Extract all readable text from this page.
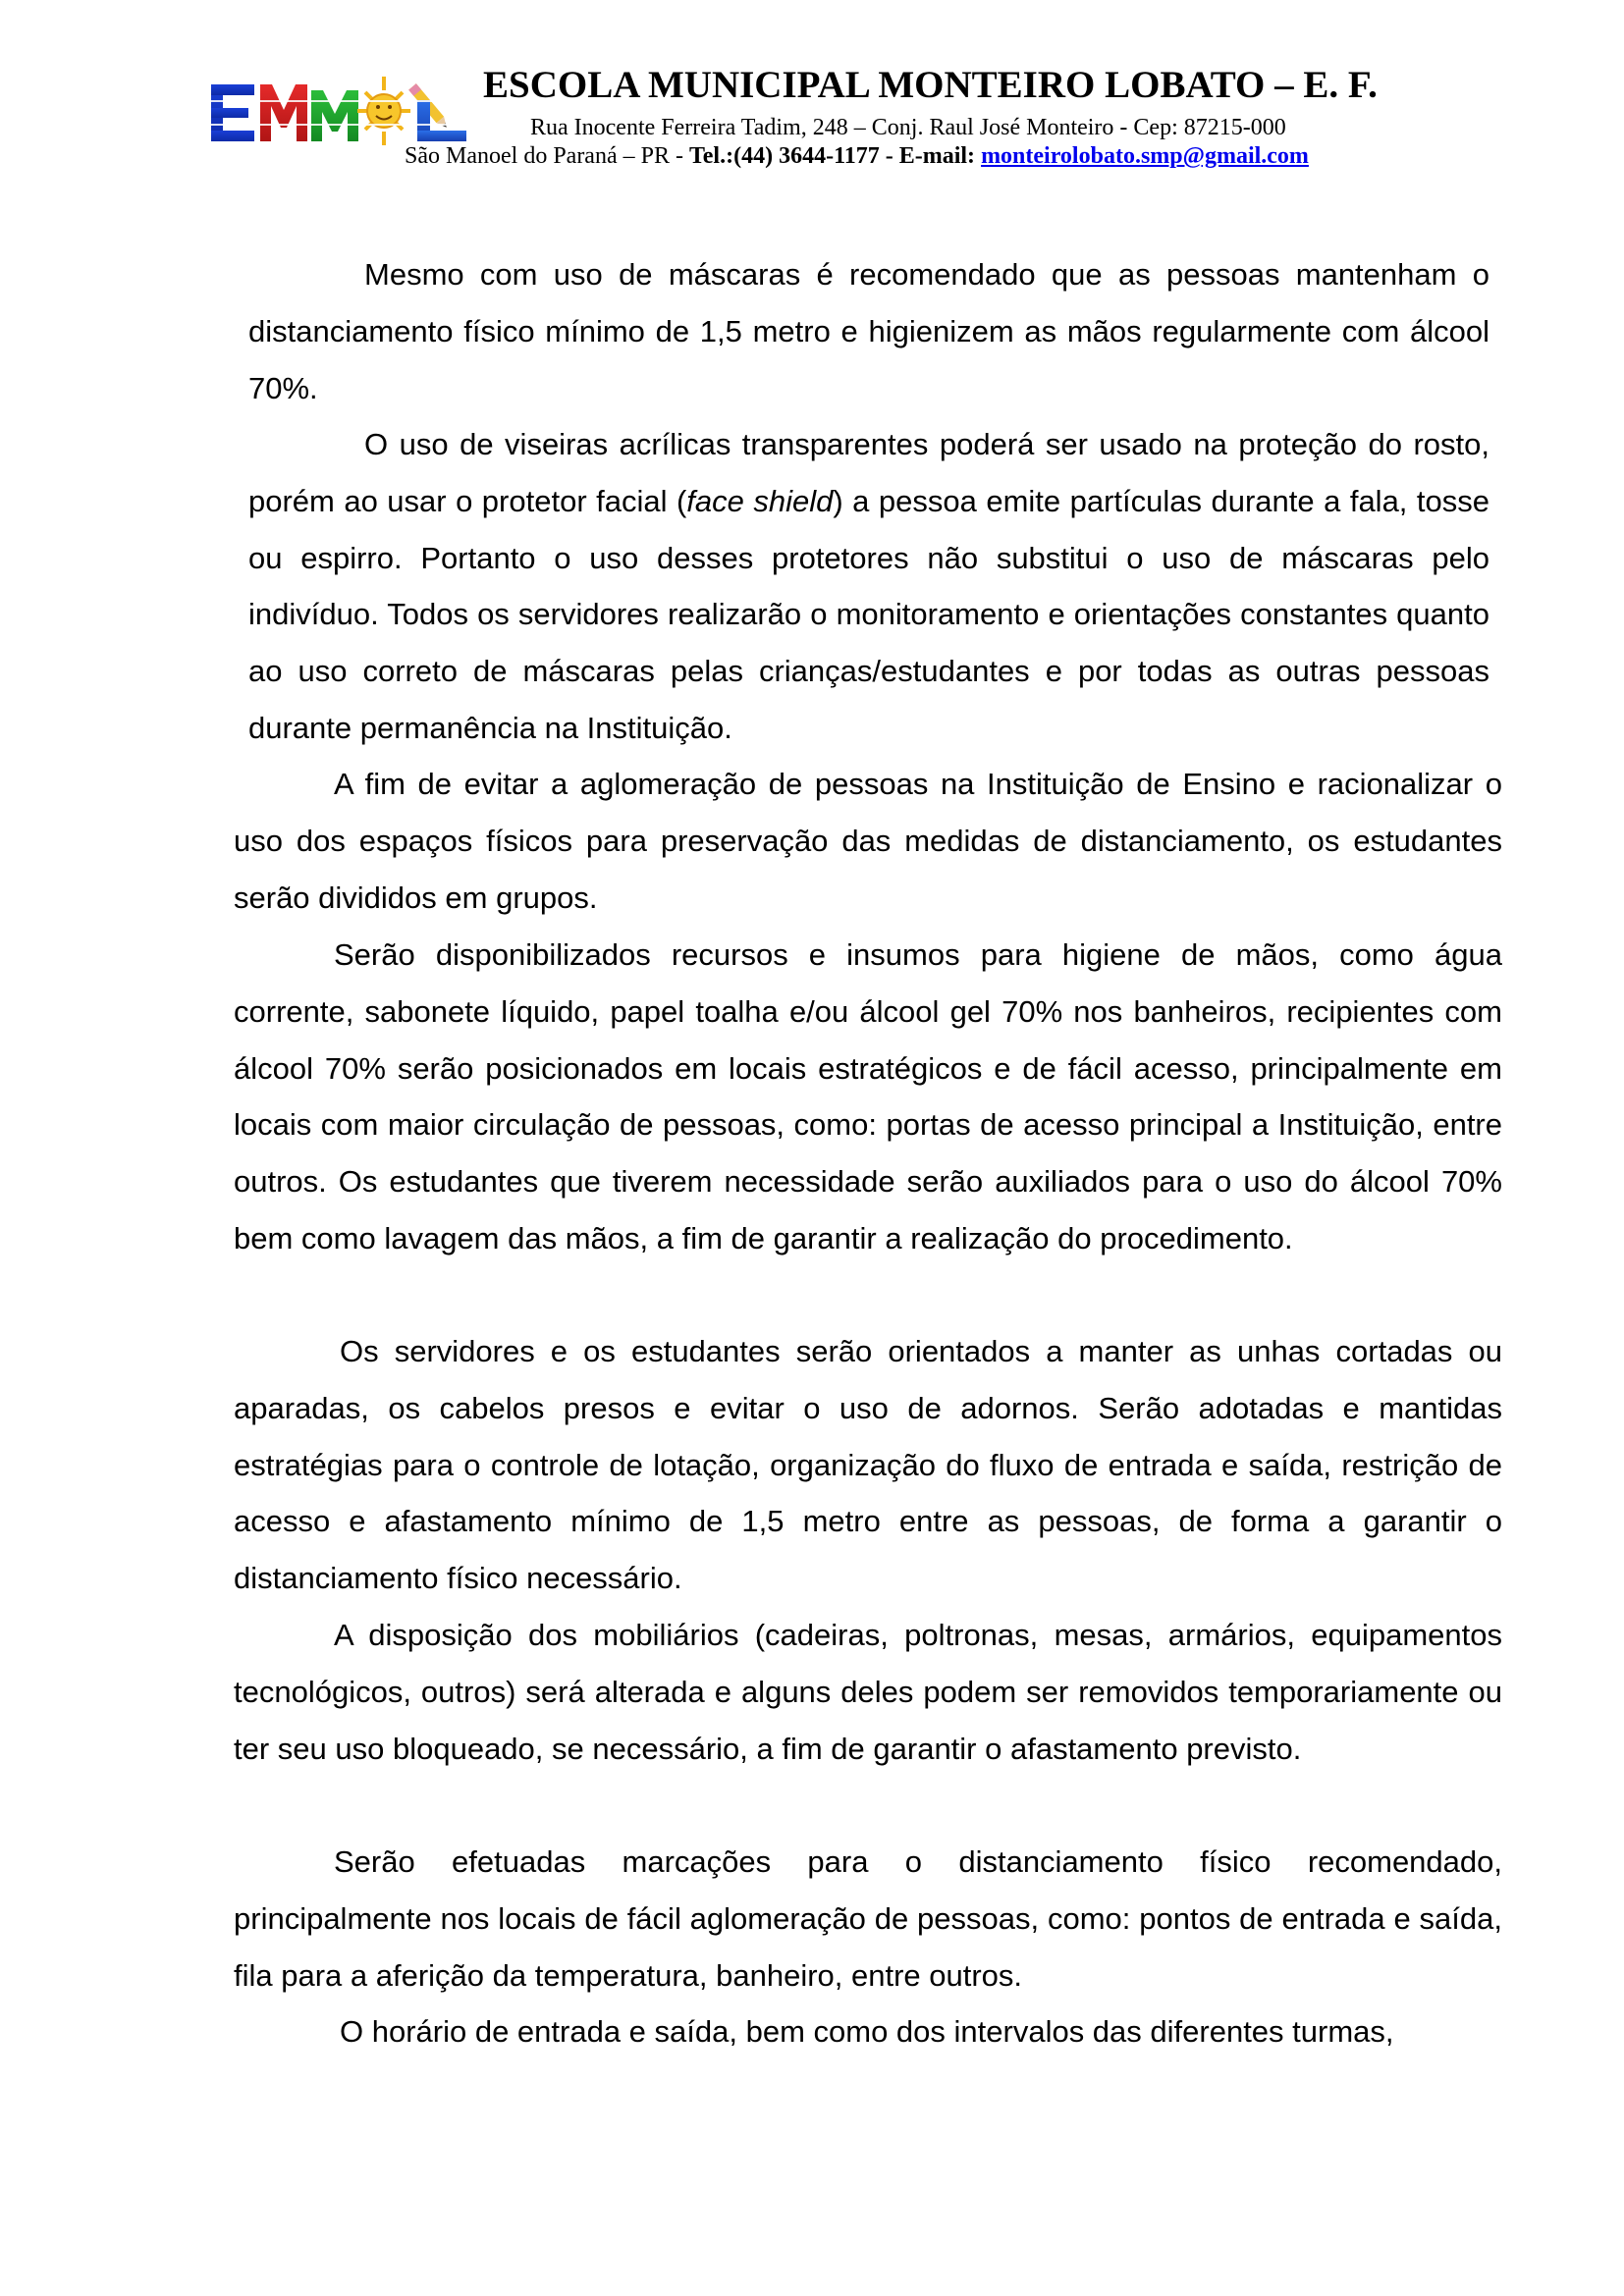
ESCOLA MUNICIPAL MONTEIRO LOBATO – E. F.
Rua Inocente Ferreira Tadim, 248 – Conj. Raul José Monteiro - Cep: 87215-000
São Manoel do Paraná – PR - Tel.:(44) 3644-1177 - E-mail: monteirolobato.smp@gmail.com

Mesmo com uso de máscaras é recomendado que as pessoas mantenham o distanciamento físico mínimo de 1,5 metro e higienizem as mãos regularmente com álcool 70%.

O uso de viseiras acrílicas transparentes poderá ser usado na proteção do rosto, porém ao usar o protetor facial (face shield) a pessoa emite partículas durante a fala, tosse ou espirro. Portanto o uso desses protetores não substitui o uso de máscaras pelo indivíduo. Todos os servidores realizarão o monitoramento e orientações constantes quanto ao uso correto de máscaras pelas crianças/estudantes e por todas as outras pessoas durante permanência na Instituição.

A fim de evitar a aglomeração de pessoas na Instituição de Ensino e racionalizar o uso dos espaços físicos para preservação das medidas de distanciamento, os estudantes serão divididos em grupos.

Serão disponibilizados recursos e insumos para higiene de mãos, como água corrente, sabonete líquido, papel toalha e/ou álcool gel 70% nos banheiros, recipientes com álcool 70% serão posicionados em locais estratégicos e de fácil acesso, principalmente em locais com maior circulação de pessoas, como: portas de acesso principal a Instituição, entre outros. Os estudantes que tiverem necessidade serão auxiliados para o uso do álcool 70% bem como lavagem das mãos, a fim de garantir a realização do procedimento.

Os servidores e os estudantes serão orientados a manter as unhas cortadas ou aparadas, os cabelos presos e evitar o uso de adornos. Serão adotadas e mantidas estratégias para o controle de lotação, organização do fluxo de entrada e saída, restrição de acesso e afastamento mínimo de 1,5 metro entre as pessoas, de forma a garantir o distanciamento físico necessário.

A disposição dos mobiliários (cadeiras, poltronas, mesas, armários, equipamentos tecnológicos, outros) será alterada e alguns deles podem ser removidos temporariamente ou ter seu uso bloqueado, se necessário, a fim de garantir o afastamento previsto.

Serão efetuadas marcações para o distanciamento físico recomendado, principalmente nos locais de fácil aglomeração de pessoas, como: pontos de entrada e saída, fila para a aferição da temperatura, banheiro, entre outros.

O horário de entrada e saída, bem como dos intervalos das diferentes turmas,
